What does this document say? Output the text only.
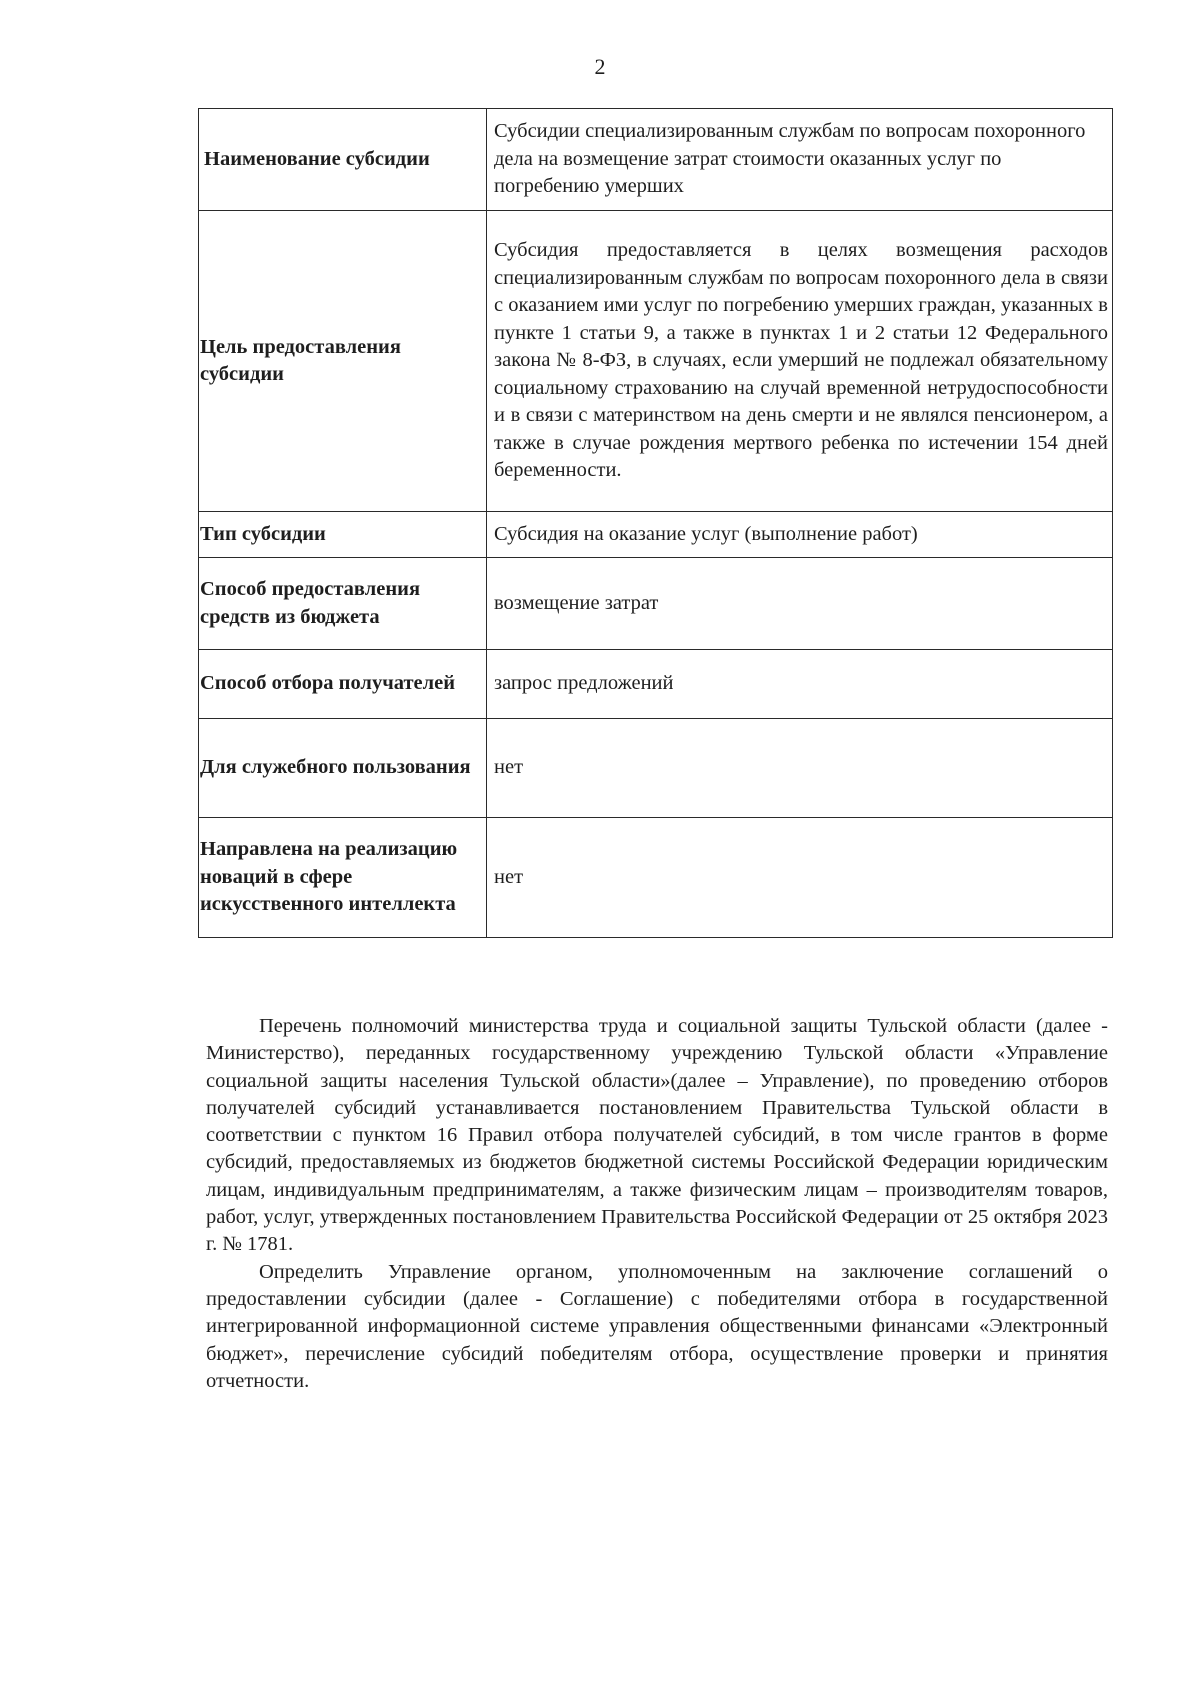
2
Наименование субсидии	Субсидии специализированным службам по вопросам похоронного дела на возмещение затрат стоимости оказанных услуг по погребению умерших
Цель предоставления субсидии	Субсидия предоставляется в целях возмещения расходов специализированным службам по вопросам похоронного дела в связи с оказанием ими услуг по погребению умерших граждан, указанных в пункте 1 статьи 9, а также в пунктах 1 и 2 статьи 12 Федерального закона № 8-ФЗ, в случаях, если умерший не подлежал обязательному социальному страхованию на случай временной нетрудоспособности и в связи с материнством на день смерти и не являлся пенсионером, а также в случае рождения мертвого ребенка по истечении 154 дней беременности.
Тип субсидии	Субсидия на оказание услуг (выполнение работ)
Способ предоставления средств из бюджета	возмещение затрат
Способ отбора получателей	запрос предложений
Для служебного пользования	нет
Направлена на реализацию новаций в сфере искусственного интеллекта	нет

Перечень полномочий министерства труда и социальной защиты Тульской области (далее - Министерство), переданных государственному учреждению Тульской области «Управление социальной защиты населения Тульской области»(далее – Управление), по проведению отборов получателей субсидий устанавливается постановлением Правительства Тульской области в соответствии с пунктом 16 Правил отбора получателей субсидий, в том числе грантов в форме субсидий, предоставляемых из бюджетов бюджетной системы Российской Федерации юридическим лицам, индивидуальным предпринимателям, а также физическим лицам – производителям товаров, работ, услуг, утвержденных постановлением Правительства Российской Федерации от 25 октября 2023 г. № 1781.

Определить Управление органом, уполномоченным на заключение соглашений о предоставлении субсидии (далее - Соглашение) с победителями отбора в государственной интегрированной информационной системе управления общественными финансами «Электронный бюджет», перечисление субсидий победителям отбора, осуществление проверки и принятия отчетности.
